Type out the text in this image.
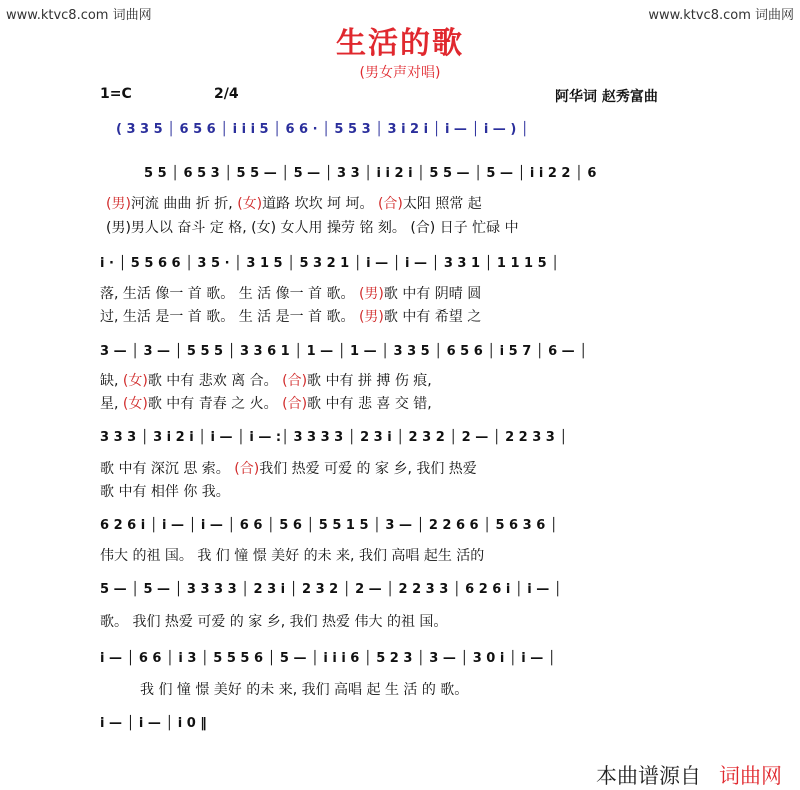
www.ktvc8.com 词曲网	www.ktvc8.com 词曲网
生活的歌
(男女声对唱)
1=C	2/4	阿华词 赵秀富曲
( 3 3 5 │ 6 5 6 │ i i i 5 │ 6 6 · │ 5 5 3 │ 3 i 2 i │ i — │ i — ) │
5 5 │ 6 5 3 │ 5 5 — │ 5 — │ 3 3 │ i i 2 i │ 5 5 — │ 5 — │ i i 2 2 │ 6
(男)河流 曲曲 折 折, (女)道路 坎坎 坷 坷。 (合)太阳 照常 起
(男)男人以 奋斗 定 格, (女) 女人用 操劳 铭 刻。 (合) 日子 忙碌 中
i · │ 5 5 6 6 │ 3 5 · │ 3 1 5 │ 5 3 2 1 │ i — │ i — │ 3 3 1 │ 1 1 1 5 │
落, 生活 像一 首 歌。 生 活 像一 首 歌。 (男)歌 中有 阴晴 圆
过, 生活 是一 首 歌。 生 活 是一 首 歌。 (男)歌 中有 希望 之
3 — │ 3 — │ 5 5 5 │ 3 3 6 1 │ 1 — │ 1 — │ 3 3 5 │ 6 5 6 │ i 5 7 │ 6 — │
缺, (女)歌 中有 悲欢 离 合。 (合)歌 中有 拼 搏 伤 痕,
星, (女)歌 中有 青春 之 火。 (合)歌 中有 悲 喜 交 错,
3 3 3 │ 3 i 2 i │ i — │ i — :│ 3 3 3 3 │ 2 3 i │ 2 3 2 │ 2 — │ 2 2 3 3 │
歌 中有 深沉 思 索。 (合)我们 热爱 可爱 的 家 乡, 我们 热爱
歌 中有 相伴 你 我。
6 2 6 i │ i — │ i — │ 6 6 │ 5 6 │ 5 5 1 5 │ 3 — │ 2 2 6 6 │ 5 6 3 6 │
伟大 的祖 国。 我 们 憧 憬 美好 的未 来, 我们 高唱 起生 活的
5 — │ 5 — │ 3 3 3 3 │ 2 3 i │ 2 3 2 │ 2 — │ 2 2 3 3 │ 6 2 6 i │ i — │
歌。 我们 热爱 可爱 的 家 乡, 我们 热爱 伟大 的祖 国。
i — │ 6 6 │ i 3 │ 5 5 5 6 │ 5 — │ i i i 6 │ 5 2 3 │ 3 — │ 3 0 i │ i — │
我 们 憧 憬 美好 的未 来, 我们 高唱 起 生 活 的 歌。
i — │ i — │ i 0 ‖
本曲谱源自 词曲网
